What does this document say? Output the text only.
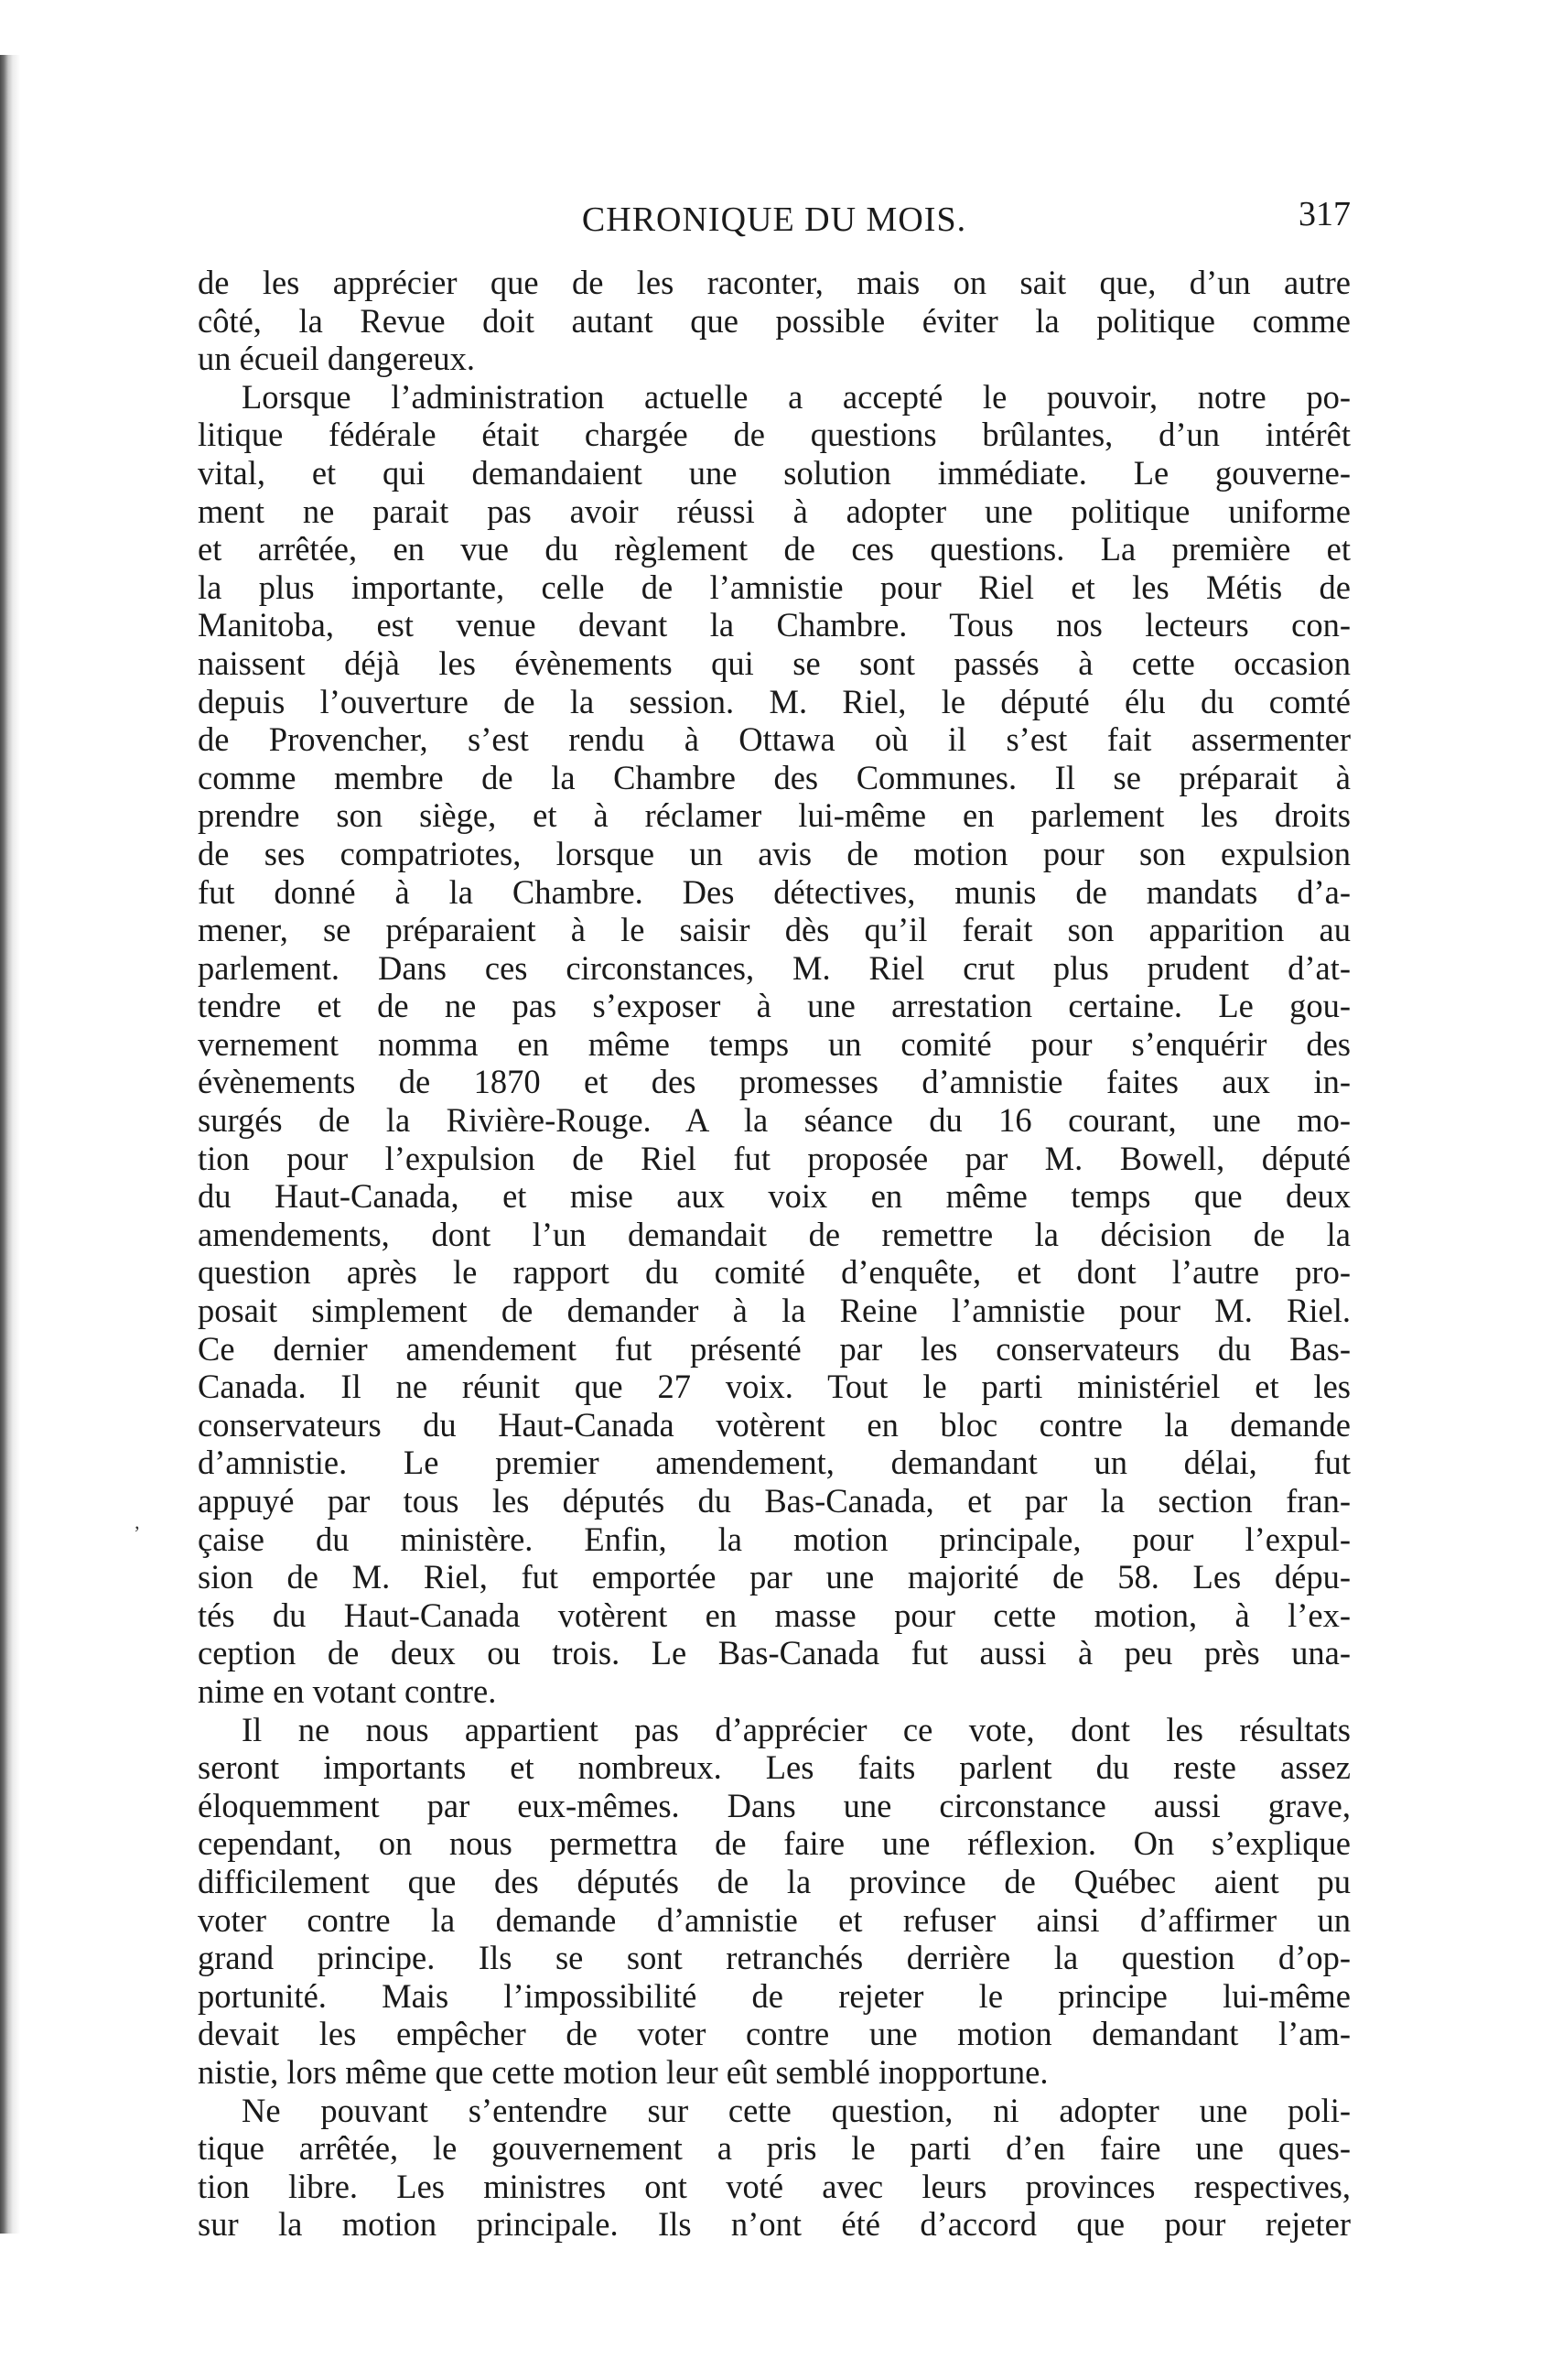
CHRONIQUE DU MOIS.	317

de les apprécier que de les raconter, mais on sait que, d’un autre
côté, la Revue doit autant que possible éviter la politique comme
un écueil dangereux.

Lorsque l’administration actuelle a accepté le pouvoir, notre po-
litique fédérale était chargée de questions brûlantes, d’un intérêt
vital, et qui demandaient une solution immédiate. Le gouverne-
ment ne parait pas avoir réussi à adopter une politique uniforme
et arrêtée, en vue du règlement de ces questions. La première et
la plus importante, celle de l’amnistie pour Riel et les Métis de
Manitoba, est venue devant la Chambre. Tous nos lecteurs con-
naissent déjà les évènements qui se sont passés à cette occasion
depuis l’ouverture de la session. M. Riel, le député élu du comté
de Provencher, s’est rendu à Ottawa où il s’est fait assermenter
comme membre de la Chambre des Communes. Il se préparait à
prendre son siège, et à réclamer lui-même en parlement les droits
de ses compatriotes, lorsque un avis de motion pour son expulsion
fut donné à la Chambre. Des détectives, munis de mandats d’a-
mener, se préparaient à le saisir dès qu’il ferait son apparition au
parlement. Dans ces circonstances, M. Riel crut plus prudent d’at-
tendre et de ne pas s’exposer à une arrestation certaine. Le gou-
vernement nomma en même temps un comité pour s’enquérir des
évènements de 1870 et des promesses d’amnistie faites aux in-
surgés de la Rivière-Rouge. A la séance du 16 courant, une mo-
tion pour l’expulsion de Riel fut proposée par M. Bowell, député
du Haut-Canada, et mise aux voix en même temps que deux
amendements, dont l’un demandait de remettre la décision de la
question après le rapport du comité d’enquête, et dont l’autre pro-
posait simplement de demander à la Reine l’amnistie pour M. Riel.
Ce dernier amendement fut présenté par les conservateurs du Bas-
Canada. Il ne réunit que 27 voix. Tout le parti ministériel et les
conservateurs du Haut-Canada votèrent en bloc contre la demande
d’amnistie. Le premier amendement, demandant un délai, fut
appuyé par tous les députés du Bas-Canada, et par la section fran-
çaise du ministère. Enfin, la motion principale, pour l’expul-
sion de M. Riel, fut emportée par une majorité de 58. Les dépu-
tés du Haut-Canada votèrent en masse pour cette motion, à l’ex-
ception de deux ou trois. Le Bas-Canada fut aussi à peu près una-
nime en votant contre.

Il ne nous appartient pas d’apprécier ce vote, dont les résultats
seront importants et nombreux. Les faits parlent du reste assez
éloquemment par eux-mêmes. Dans une circonstance aussi grave,
cependant, on nous permettra de faire une réflexion. On s’explique
difficilement que des députés de la province de Québec aient pu
voter contre la demande d’amnistie et refuser ainsi d’affirmer un
grand principe. Ils se sont retranchés derrière la question d’op-
portunité. Mais l’impossibilité de rejeter le principe lui-même
devait les empêcher de voter contre une motion demandant l’am-
nistie, lors même que cette motion leur eût semblé inopportune.

Ne pouvant s’entendre sur cette question, ni adopter une poli-
tique arrêtée, le gouvernement a pris le parti d’en faire une ques-
tion libre. Les ministres ont voté avec leurs provinces respectives,
sur la motion principale. Ils n’ont été d’accord que pour rejeter

’
